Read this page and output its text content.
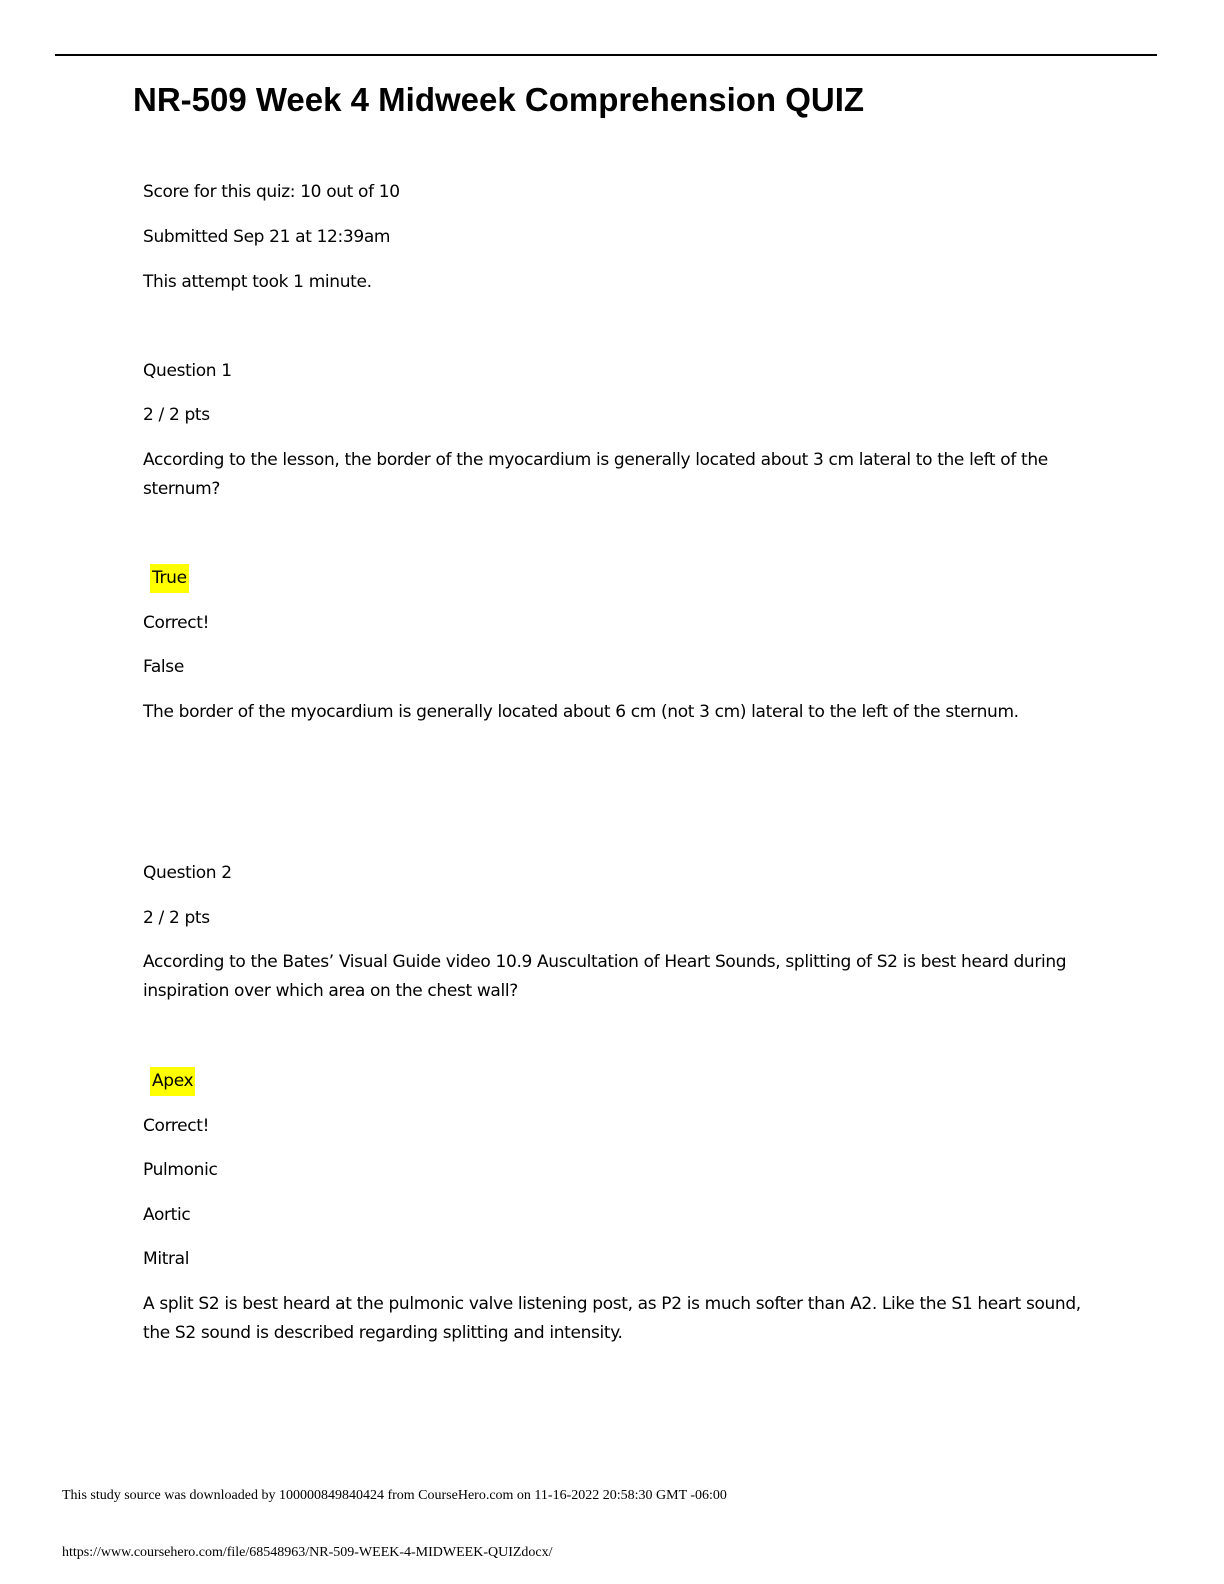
NR-509 Week 4 Midweek Comprehension QUIZ

Score for this quiz: 10 out of 10

Submitted Sep 21 at 12:39am

This attempt took 1 minute.

Question 1

2 / 2 pts

According to the lesson, the border of the myocardium is generally located about 3 cm lateral to the left of the sternum?

True

Correct!

False

The border of the myocardium is generally located about 6 cm (not 3 cm) lateral to the left of the sternum.

Question 2

2 / 2 pts

According to the Bates’ Visual Guide video 10.9 Auscultation of Heart Sounds, splitting of S2 is best heard during inspiration over which area on the chest wall?

Apex

Correct!

Pulmonic

Aortic

Mitral

A split S2 is best heard at the pulmonic valve listening post, as P2 is much softer than A2. Like the S1 heart sound, the S2 sound is described regarding splitting and intensity.

This study source was downloaded by 100000849840424 from CourseHero.com on 11-16-2022 20:58:30 GMT -06:00

https://www.coursehero.com/file/68548963/NR-509-WEEK-4-MIDWEEK-QUIZdocx/
